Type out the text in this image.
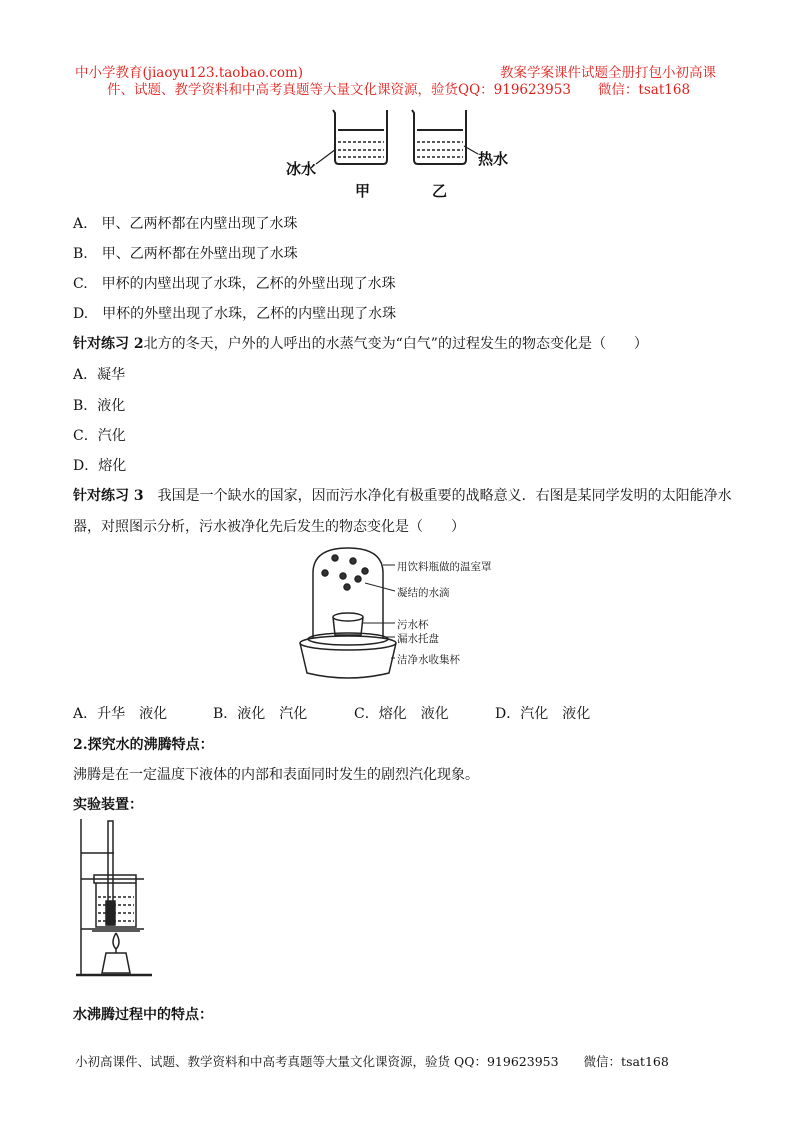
中小学教育(jiaoyu123.taobao.com)	教案学案课件试题全册打包小初高课
件、试题、教学资料和中高考真题等大量文化课资源，验货QQ：919623953　　微信：tsat168
冰水
热水
甲	乙
A.　甲、乙两杯都在内壁出现了水珠
B.　甲、乙两杯都在外壁出现了水珠
C.　甲杯的内壁出现了水珠，乙杯的外壁出现了水珠
D.　甲杯的外壁出现了水珠，乙杯的内壁出现了水珠
针对练习 2北方的冬天，户外的人呼出的水蒸气变为“白气”的过程发生的物态变化是（　　）
A．凝华
B．液化
C．汽化
D．熔化
针对练习 3　我国是一个缺水的国家，因而污水净化有极重要的战略意义．右图是某同学发明的太阳能净水
器，对照图示分析，污水被净化先后发生的物态变化是（　　）
用饮料瓶做的温室罩
凝结的水滴
污水杯
漏水托盘
洁净水收集杯
A．升华　液化	B．液化　汽化	C．熔化　液化	D．汽化　液化
2.探究水的沸腾特点：
沸腾是在一定温度下液体的内部和表面同时发生的剧烈汽化现象。
实验装置：
水沸腾过程中的特点：
小初高课件、试题、教学资料和中高考真题等大量文化课资源，验货 QQ：919623953　　微信：tsat168
